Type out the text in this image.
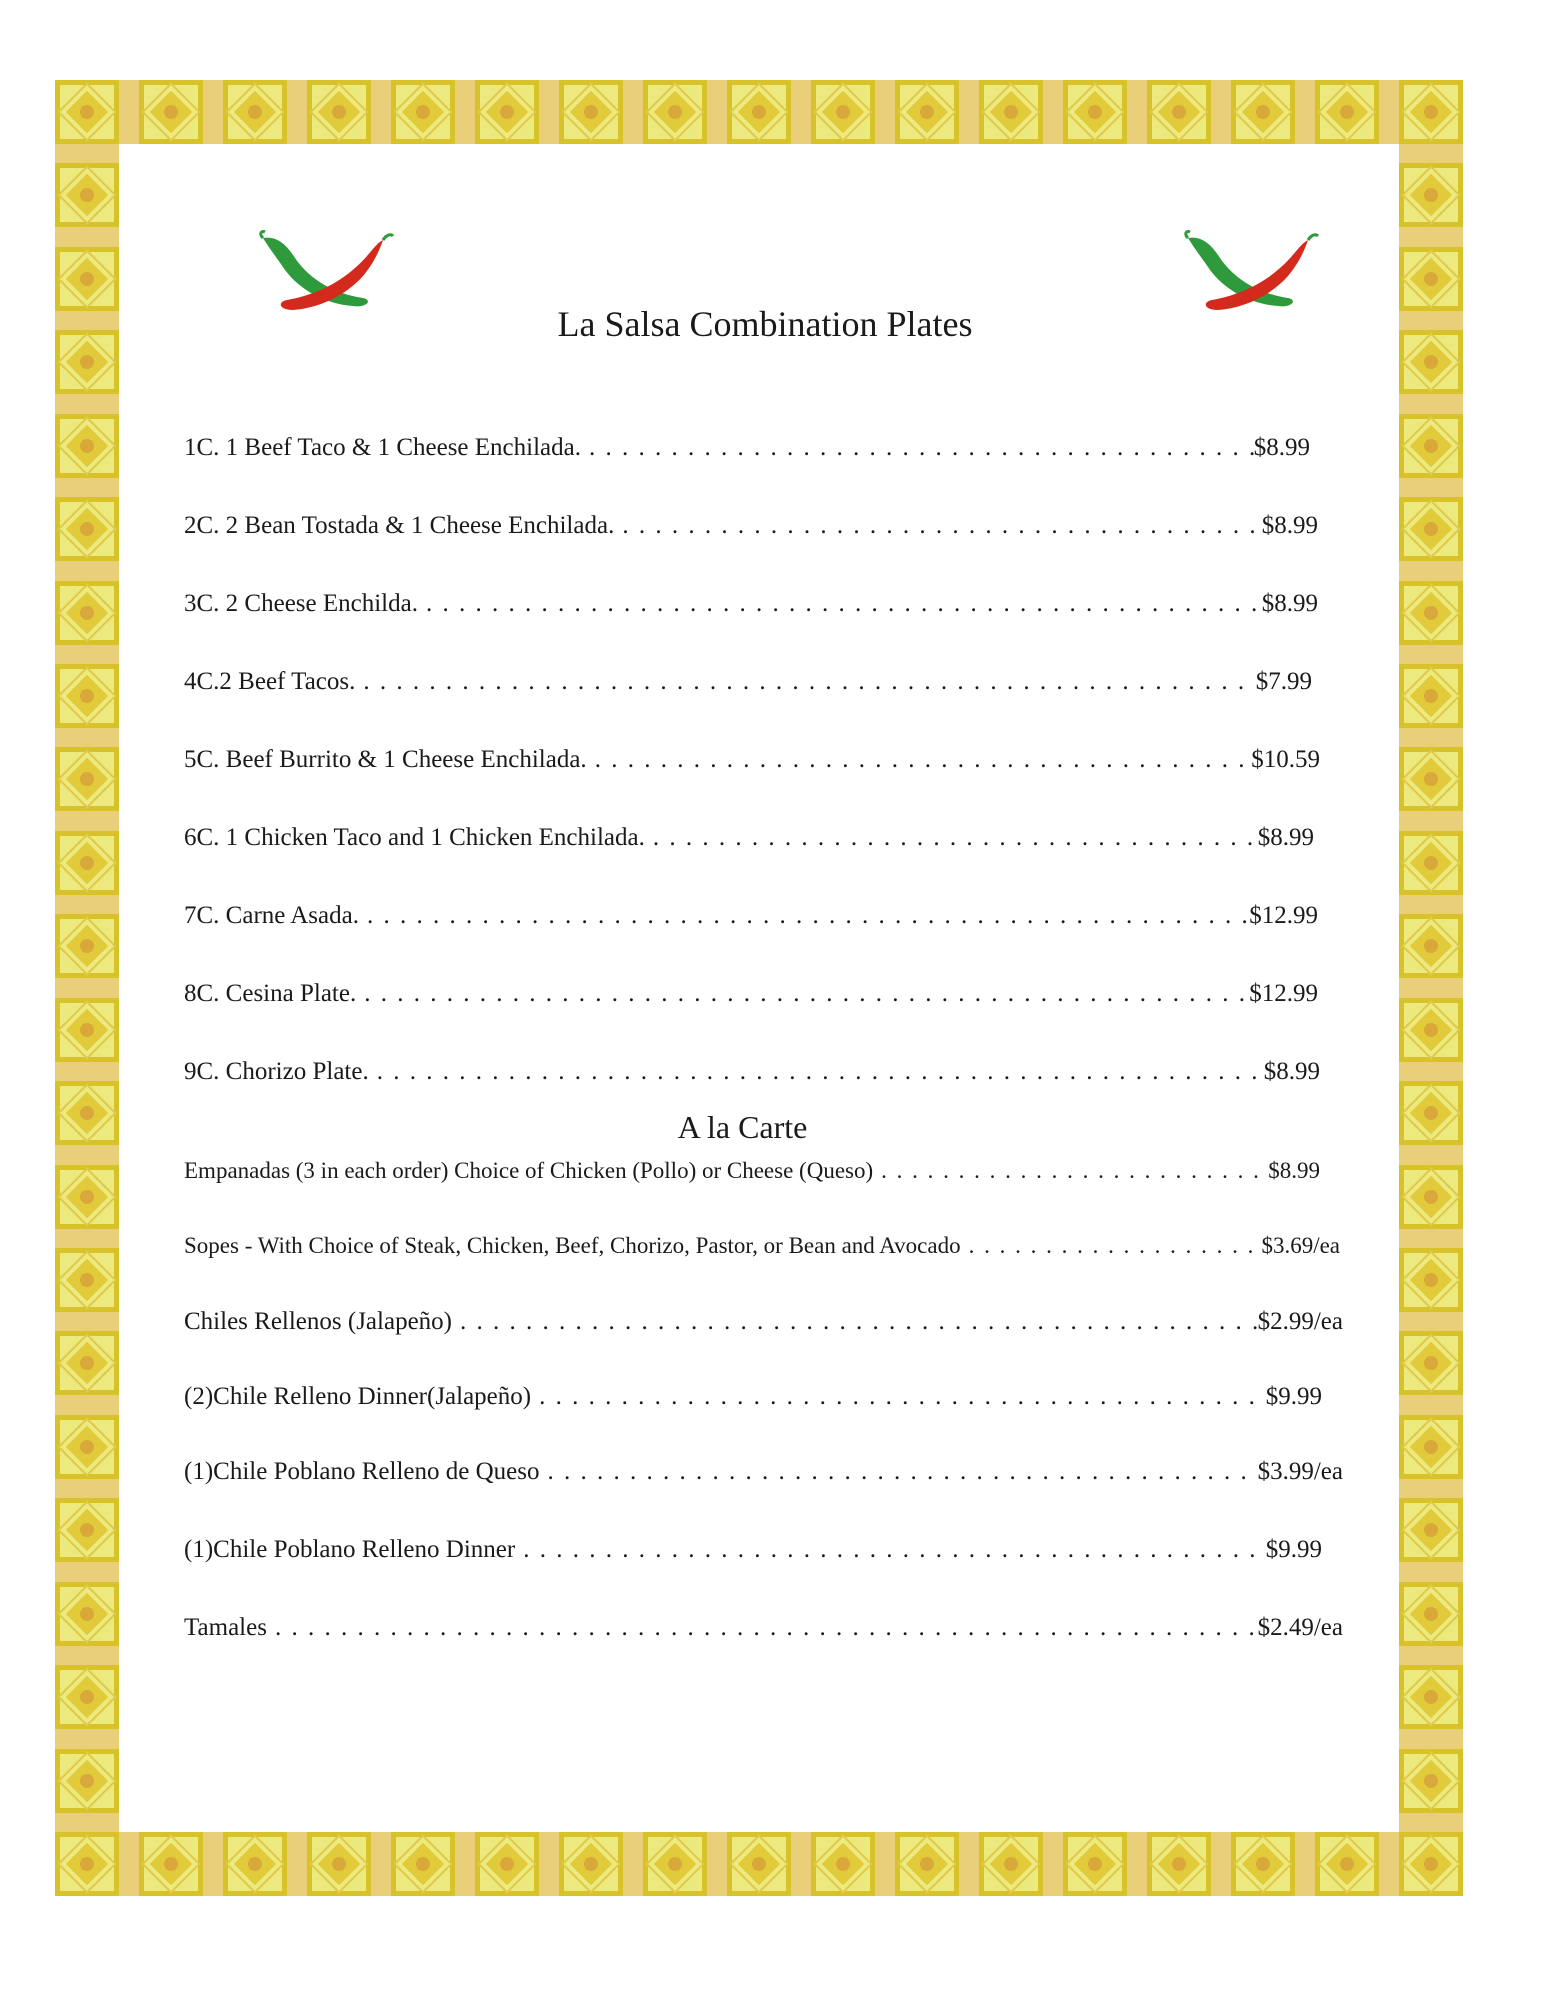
La Salsa Combination Plates
1C. 1 Beef Taco & 1 Cheese Enchilada. . . .	$8.99
2C. 2 Bean Tostada & 1 Cheese Enchilada. . . .	$8.99
3C. 2 Cheese Enchilda. . . .	$8.99
4C.2 Beef Tacos. . . .	$7.99
5C. Beef Burrito & 1 Cheese Enchilada. . . .	$10.59
6C. 1 Chicken Taco and 1 Chicken Enchilada. . . .	$8.99
7C. Carne Asada. . . .	$12.99
8C. Cesina Plate. . . .	$12.99
9C. Chorizo Plate. . . .	$8.99
A la Carte
Empanadas (3 in each order) Choice of Chicken (Pollo) or Cheese (Queso) . . .	$8.99
Sopes - With Choice of Steak, Chicken, Beef, Chorizo, Pastor, or Bean and Avocado . . .	$3.69/ea
Chiles Rellenos (Jalapeño) . . .	$2.99/ea
(2)Chile Relleno Dinner(Jalapeño) . . .	$9.99
(1)Chile Poblano Relleno de Queso . . .	$3.99/ea
(1)Chile Poblano Relleno Dinner . . .	$9.99
Tamales . . .	$2.49/ea
